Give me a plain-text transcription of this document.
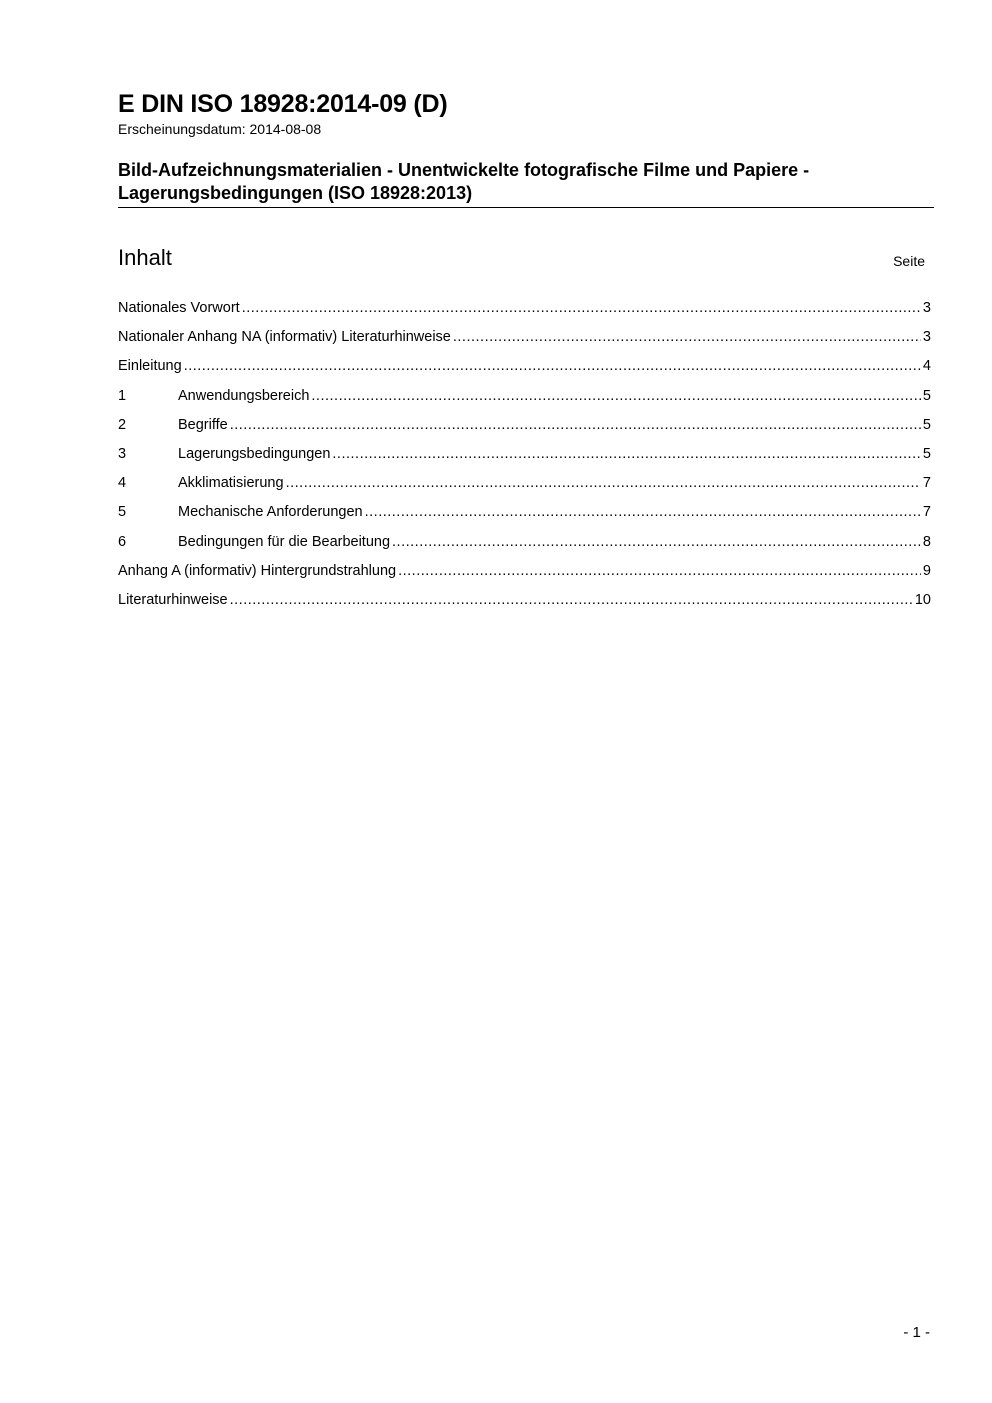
E DIN ISO 18928:2014-09 (D)
Erscheinungsdatum: 2014-08-08
Bild-Aufzeichnungsmaterialien - Unentwickelte fotografische Filme und Papiere -
Lagerungsbedingungen (ISO 18928:2013)
Inhalt	Seite
Nationales Vorwort .....	3
Nationaler Anhang NA (informativ) Literaturhinweise .....	3
Einleitung .....	4
1	Anwendungsbereich .....	5
2	Begriffe .....	5
3	Lagerungsbedingungen .....	5
4	Akklimatisierung .....	7
5	Mechanische Anforderungen .....	7
6	Bedingungen für die Bearbeitung .....	8
Anhang A (informativ) Hintergrundstrahlung .....	9
Literaturhinweise .....	10
- 1 -
